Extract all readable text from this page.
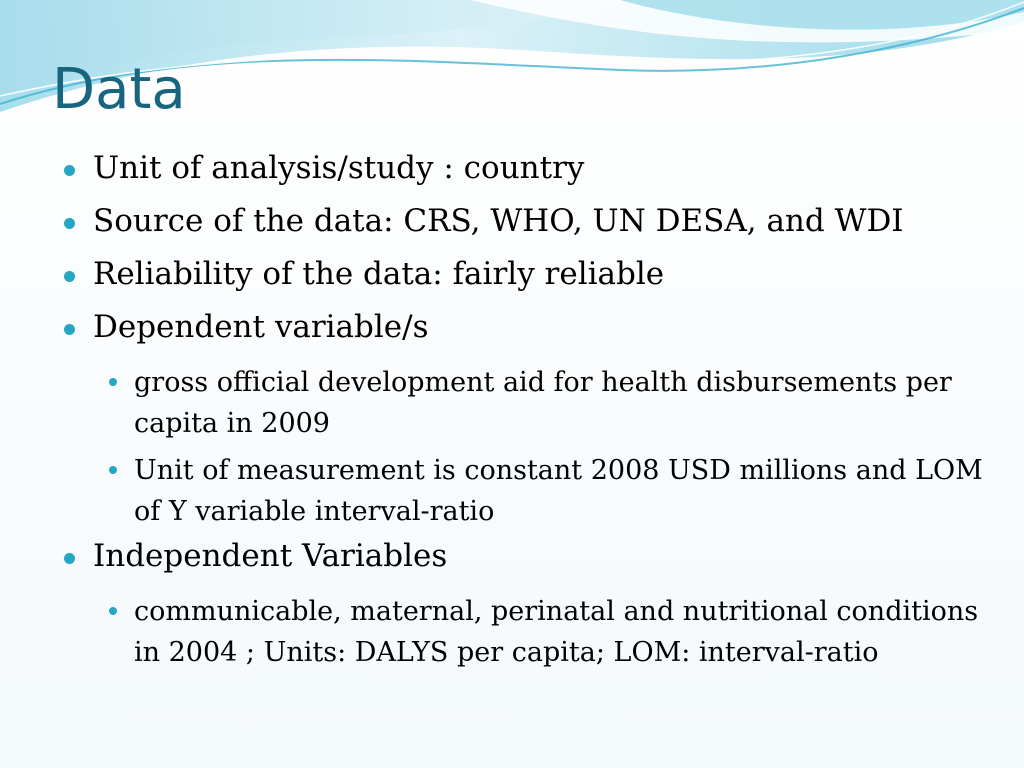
Data
Unit of analysis/study : country
Source of the data: CRS, WHO, UN DESA, and WDI
Reliability of the data: fairly reliable
Dependent variable/s
gross official development aid for health disbursements per capita in 2009
Unit of measurement is constant 2008 USD millions and LOM of Y variable interval-ratio
Independent Variables
communicable, maternal, perinatal and nutritional conditions in 2004 ; Units: DALYS per capita; LOM: interval-ratio
